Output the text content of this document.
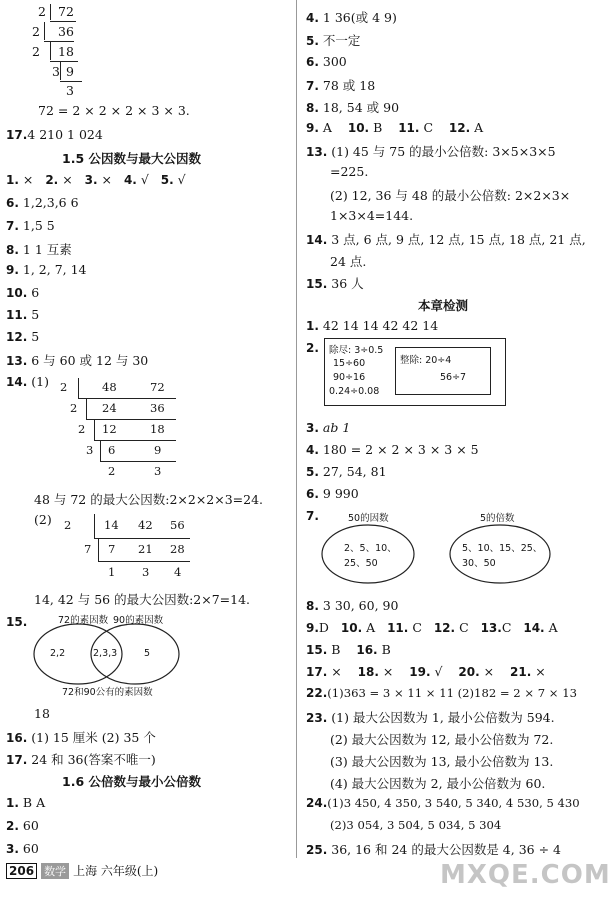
2 72
2 36
2 18
3 9
3
72 = 2 × 2 × 2 × 3 × 3.
17.4 210 1 024
1.5 公因数与最大公因数
1. × 2. × 3. × 4. √ 5. √
6. 1,2,3,6 6
7. 1,5 5
8. 1 1 互素
9. 1, 2, 7, 14
10. 6
11. 5
12. 5
13. 6 与 60 或 12 与 30
14. (1) 2	48	72
2 24	36
2 12	18
3 6	9
2	3
48 与 72 的最大公因数:2×2×2×3=24.
(2) 2	14 42 56
7 7 21 28
1 3 4
14, 42 与 56 的最大公因数:2×7=14.
15.	72的素因数 90的素因数
2,2	2,3,3	5
72和90公有的素因数
18
16. (1) 15 厘米 (2) 35 个
17. 24 和 36(答案不唯一)
1.6 公倍数与最小公倍数
1. B A
2. 60
3. 60
4. 1 36(或 4 9)
5. 不一定
6. 300
7. 78 或 18
8. 18, 54 或 90
9. A 10. B 11. C 12. A
13. (1) 45 与 75 的最小公倍数: 3×5×3×5
=225.
(2) 12, 36 与 48 的最小公倍数: 2×2×3×
1×3×4=144.
14. 3 点, 6 点, 9 点, 12 点, 15 点, 18 点, 21 点,
24 点.
15. 36 人
本章检测
1. 42 14 14 42 42 14
2. 除尽: 3÷0.5
15÷60
90÷16
0.24÷0.08
整除: 20÷4
56÷7
3. ab 1
4. 180 = 2 × 2 × 3 × 3 × 5
5. 27, 54, 81
6. 9 990
7.	50的因数	5的倍数
2、5、10、
25、50
5、10、15、25、
30、50
8. 3 30, 60, 90
9.D 10. A 11. C 12. C 13.C 14. A
15. B 16. B
17. × 18. × 19. √ 20. × 21. ×
22.(1)363 = 3 × 11 × 11 (2)182 = 2 × 7 × 13
23. (1) 最大公因数为 1, 最小公倍数为 594.
(2) 最大公因数为 12, 最小公倍数为 72.
(3) 最大公因数为 13, 最小公倍数为 13.
(4) 最大公因数为 2, 最小公倍数为 60.
24.(1)3 450, 4 350, 3 540, 5 340, 4 530, 5 430
(2)3 054, 3 504, 5 034, 5 304
25. 36, 16 和 24 的最大公因数是 4, 36 ÷ 4
206 数学 上海 六年级(上)	MXQE.COM
